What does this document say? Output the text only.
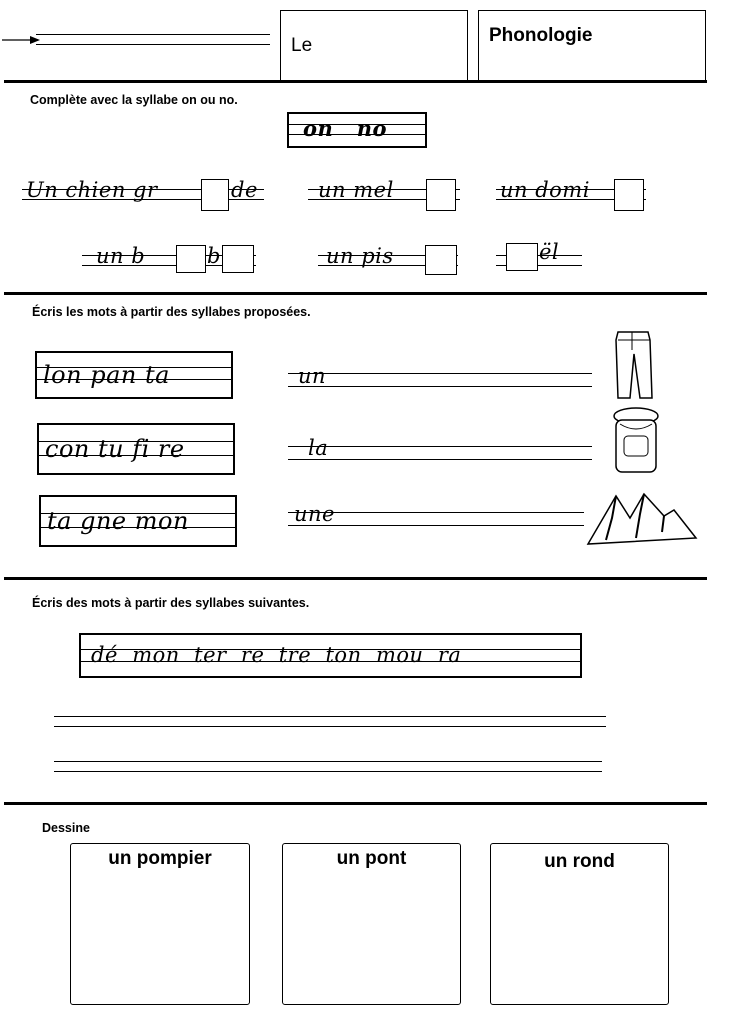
Le	Phonologie
Complète avec la syllabe on ou no.
on   no
Un chien gr	de	un mel	un domi
un b	b	un pis	ël
Écris les mots à partir des syllabes proposées.
lon pan ta	un
con tu fi re	la
ta gne mon	une
Écris des mots à partir des syllabes suivantes.
dé  mon  ter  re  tre  ton  mou  ra
Dessine
un pompier	un pont	un rond
